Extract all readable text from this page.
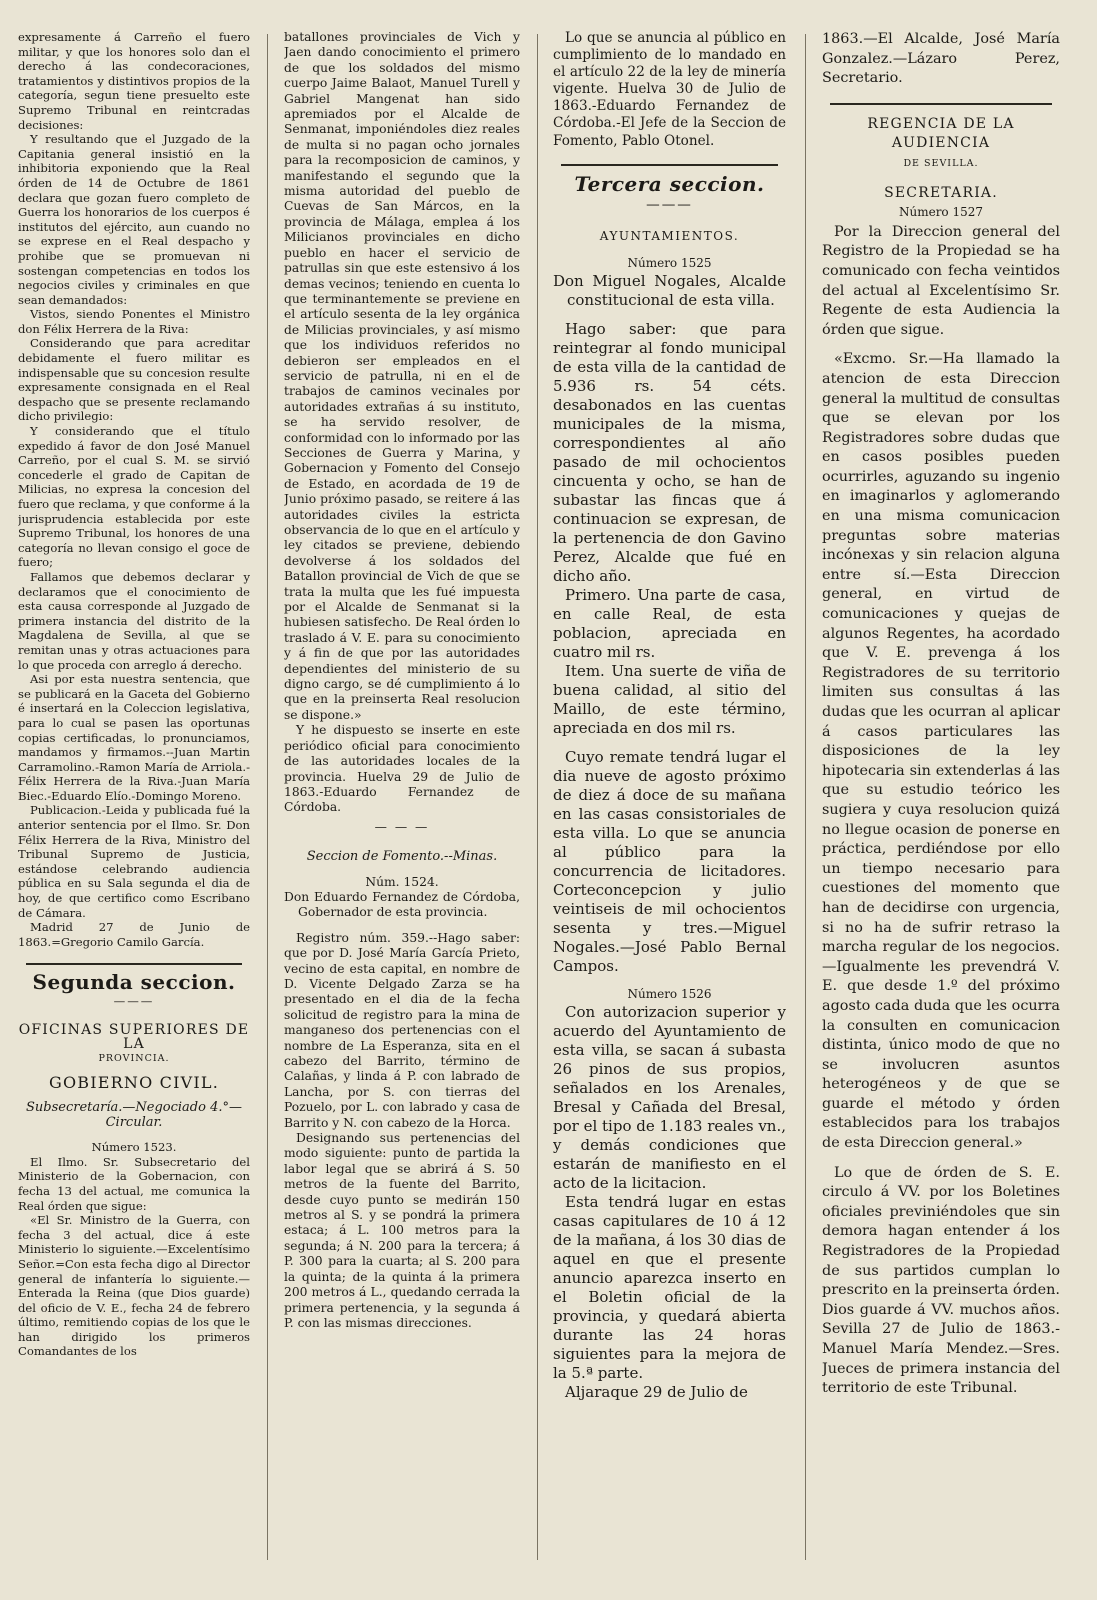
expresamente á Carreño el fuero militar, y que los honores solo dan el derecho á las condecoraciones, tratamientos y distintivos propios de la categoría, segun tiene presuelto este Supremo Tribunal en reintcradas decisiones:

Y resultando que el Juzgado de la Capitania general insistió en la inhibitoria exponiendo que la Real órden de 14 de Octubre de 1861 declara que gozan fuero completo de Guerra los honorarios de los cuerpos é institutos del ejército, aun cuando no se exprese en el Real despacho y prohibe que se promuevan ni sostengan competencias en todos los negocios civiles y criminales en que sean demandados:

Vistos, siendo Ponentes el Ministro don Félix Herrera de la Riva:

Considerando que para acreditar debidamente el fuero militar es indispensable que su concesion resulte expresamente consignada en el Real despacho que se presente reclamando dicho privilegio:

Y considerando que el título expedido á favor de don José Manuel Carreño, por el cual S. M. se sirvió concederle el grado de Capitan de Milicias, no expresa la concesion del fuero que reclama, y que conforme á la jurisprudencia establecida por este Supremo Tribunal, los honores de una categoría no llevan consigo el goce de fuero;

Fallamos que debemos declarar y declaramos que el conocimiento de esta causa corresponde al Juzgado de primera instancia del distrito de la Magdalena de Sevilla, al que se remitan unas y otras actuaciones para lo que proceda con arreglo á derecho.

Asi por esta nuestra sentencia, que se publicará en la Gaceta del Gobierno é insertará en la Coleccion legislativa, para lo cual se pasen las oportunas copias certificadas, lo pronunciamos, mandamos y firmamos.--Juan Martin Carramolino.-Ramon María de Arriola.-Félix Herrera de la Riva.-Juan María Biec.-Eduardo Elío.-Domingo Moreno.

Publicacion.-Leida y publicada fué la anterior sentencia por el Ilmo. Sr. Don Félix Herrera de la Riva, Ministro del Tribunal Supremo de Justicia, estándose celebrando audiencia pública en su Sala segunda el dia de hoy, de que certifico como Escribano de Cámara.

Madrid 27 de Junio de 1863.=Gregorio Camilo García.

Segunda seccion.

———

OFICINAS SUPERIORES DE LA

PROVINCIA.

GOBIERNO CIVIL.

Subsecretaría.—Negociado 4.°—Circular.

Número 1523.

El Ilmo. Sr. Subsecretario del Ministerio de la Gobernacion, con fecha 13 del actual, me comunica la Real órden que sigue:

«El Sr. Ministro de la Guerra, con fecha 3 del actual, dice á este Ministerio lo siguiente.—Excelentísimo Señor.=Con esta fecha digo al Director general de infantería lo siguiente.—Enterada la Reina (que Dios guarde) del oficio de V. E., fecha 24 de febrero último, remitiendo copias de los que le han dirigido los primeros Comandantes de los

batallones provinciales de Vich y Jaen dando conocimiento el primero de que los soldados del mismo cuerpo Jaime Balaot, Manuel Turell y Gabriel Mangenat han sido apremiados por el Alcalde de Senmanat, imponiéndoles diez reales de multa si no pagan ocho jornales para la recomposicion de caminos, y manifestando el segundo que la misma autoridad del pueblo de Cuevas de San Márcos, en la provincia de Málaga, emplea á los Milicianos provinciales en dicho pueblo en hacer el servicio de patrullas sin que este estensivo á los demas vecinos; teniendo en cuenta lo que terminantemente se previene en el artículo sesenta de la ley orgánica de Milicias provinciales, y así mismo que los individuos referidos no debieron ser empleados en el servicio de patrulla, ni en el de trabajos de caminos vecinales por autoridades extrañas á su instituto, se ha servido resolver, de conformidad con lo informado por las Secciones de Guerra y Marina, y Gobernacion y Fomento del Consejo de Estado, en acordada de 19 de Junio próximo pasado, se reitere á las autoridades civiles la estricta observancia de lo que en el artículo y ley citados se previene, debiendo devolverse á los soldados del Batallon provincial de Vich de que se trata la multa que les fué impuesta por el Alcalde de Senmanat si la hubiesen satisfecho. De Real órden lo traslado á V. E. para su conocimiento y á fin de que por las autoridades dependientes del ministerio de su digno cargo, se dé cumplimiento á lo que en la preinserta Real resolucion se dispone.»

Y he dispuesto se inserte en este periódico oficial para conocimiento de las autoridades locales de la provincia. Huelva 29 de Julio de 1863.-Eduardo Fernandez de Córdoba.

— — —

Seccion de Fomento.--Minas.

Núm. 1524.

Don Eduardo Fernandez de Córdoba, Gobernador de esta provincia.

Registro núm. 359.--Hago saber: que por D. José María García Prieto, vecino de esta capital, en nombre de D. Vicente Delgado Zarza se ha presentado en el dia de la fecha solicitud de registro para la mina de manganeso dos pertenencias con el nombre de La Esperanza, sita en el cabezo del Barrito, término de Calañas, y linda á P. con labrado de Lancha, por S. con tierras del Pozuelo, por L. con labrado y casa de Barrito y N. con cabezo de la Horca.

Designando sus pertenencias del modo siguiente: punto de partida la labor legal que se abrirá á S. 50 metros de la fuente del Barrito, desde cuyo punto se medirán 150 metros al S. y se pondrá la primera estaca; á L. 100 metros para la segunda; á N. 200 para la tercera; á P. 300 para la cuarta; al S. 200 para la quinta; de la quinta á la primera 200 metros á L., quedando cerrada la primera pertenencia, y la segunda á P. con las mismas direcciones.

Lo que se anuncia al público en cumplimiento de lo mandado en el artículo 22 de la ley de minería vigente. Huelva 30 de Julio de 1863.-Eduardo Fernandez de Córdoba.-El Jefe de la Seccion de Fomento, Pablo Otonel.

Tercera seccion.

———

AYUNTAMIENTOS.

Número 1525

Don Miguel Nogales, Alcalde constitucional de esta villa.

Hago saber: que para reintegrar al fondo municipal de esta villa de la cantidad de 5.936 rs. 54 céts. desabonados en las cuentas municipales de la misma, correspondientes al año pasado de mil ochocientos cincuenta y ocho, se han de subastar las fincas que á continuacion se expresan, de la pertenencia de don Gavino Perez, Alcalde que fué en dicho año.

Primero. Una parte de casa, en calle Real, de esta poblacion, apreciada en cuatro mil rs.

Item. Una suerte de viña de buena calidad, al sitio del Maillo, de este término, apreciada en dos mil rs.

Cuyo remate tendrá lugar el dia nueve de agosto próximo de diez á doce de su mañana en las casas consistoriales de esta villa. Lo que se anuncia al público para la concurrencia de licitadores. Corteconcepcion y julio veintiseis de mil ochocientos sesenta y tres.—Miguel Nogales.—José Pablo Bernal Campos.

Número 1526

Con autorizacion superior y acuerdo del Ayuntamiento de esta villa, se sacan á subasta 26 pinos de sus propios, señalados en los Arenales, Bresal y Cañada del Bresal, por el tipo de 1.183 reales vn., y demás condiciones que estarán de manifiesto en el acto de la licitacion.

Esta tendrá lugar en estas casas capitulares de 10 á 12 de la mañana, á los 30 dias de aquel en que el presente anuncio aparezca inserto en el Boletin oficial de la provincia, y quedará abierta durante las 24 horas siguientes para la mejora de la 5.ª parte.

Aljaraque 29 de Julio de

1863.—El Alcalde, José María Gonzalez.—Lázaro Perez, Secretario.

REGENCIA DE LA AUDIENCIA

DE SEVILLA.

SECRETARIA.

Número 1527

Por la Direccion general del Registro de la Propiedad se ha comunicado con fecha veintidos del actual al Excelentísimo Sr. Regente de esta Audiencia la órden que sigue.

«Excmo. Sr.—Ha llamado la atencion de esta Direccion general la multitud de consultas que se elevan por los Registradores sobre dudas que en casos posibles pueden ocurrirles, aguzando su ingenio en imaginarlos y aglomerando en una misma comunicacion preguntas sobre materias incónexas y sin relacion alguna entre sí.—Esta Direccion general, en virtud de comunicaciones y quejas de algunos Regentes, ha acordado que V. E. prevenga á los Registradores de su territorio limiten sus consultas á las dudas que les ocurran al aplicar á casos particulares las disposiciones de la ley hipotecaria sin extenderlas á las que su estudio teórico les sugiera y cuya resolucion quizá no llegue ocasion de ponerse en práctica, perdiéndose por ello un tiempo necesario para cuestiones del momento que han de decidirse con urgencia, si no ha de sufrir retraso la marcha regular de los negocios.—Igualmente les prevendrá V. E. que desde 1.º del próximo agosto cada duda que les ocurra la consulten en comunicacion distinta, único modo de que no se involucren asuntos heterogéneos y de que se guarde el método y órden establecidos para los trabajos de esta Direccion general.»

Lo que de órden de S. E. circulo á VV. por los Boletines oficiales previniéndoles que sin demora hagan entender á los Registradores de la Propiedad de sus partidos cumplan lo prescrito en la preinserta órden. Dios guarde á VV. muchos años. Sevilla 27 de Julio de 1863.-Manuel María Mendez.—Sres. Jueces de primera instancia del territorio de este Tribunal.
